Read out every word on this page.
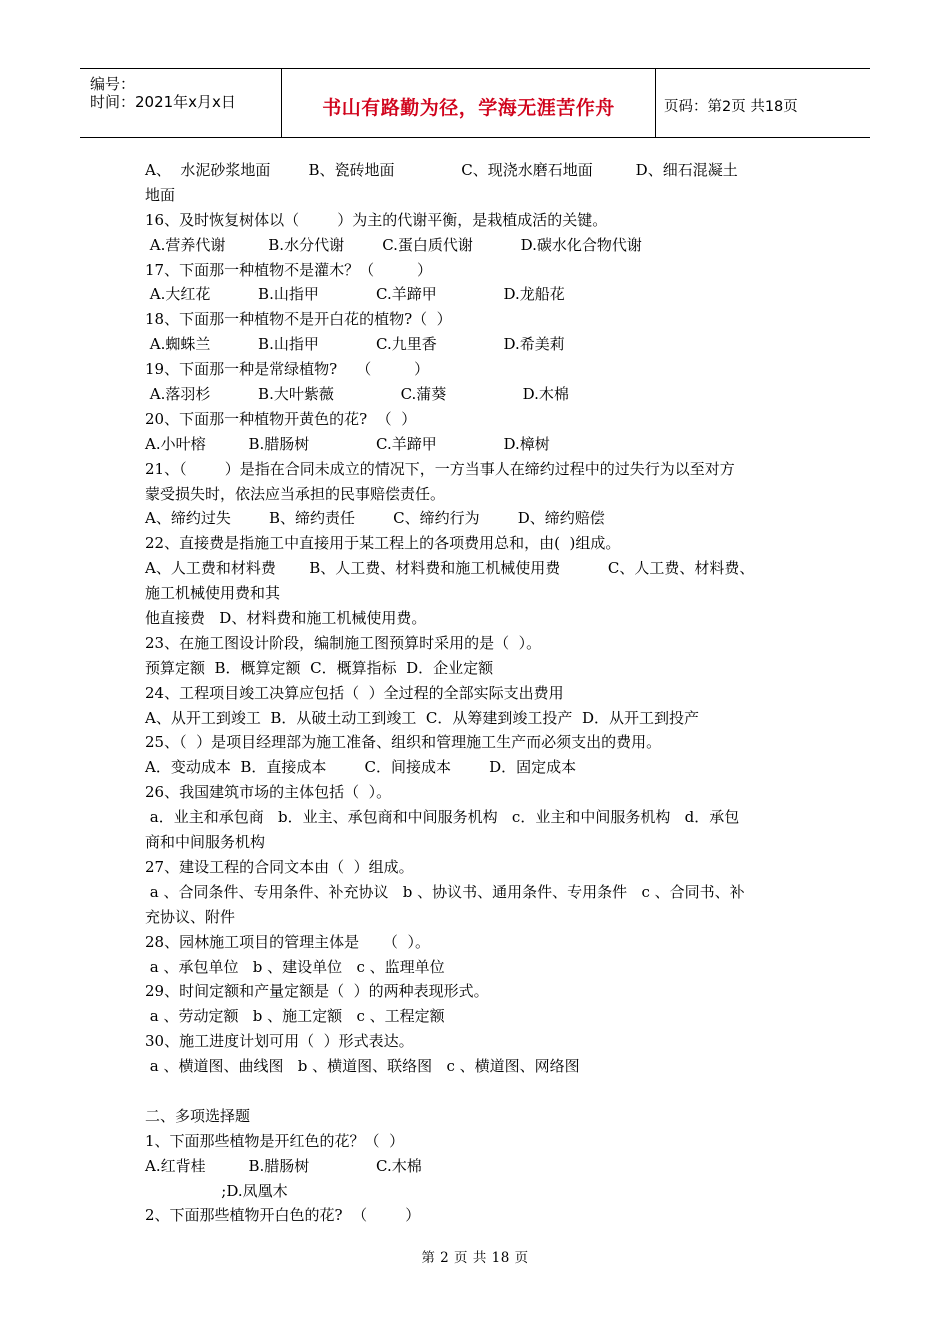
编号：
时间：2021年x月x日	书山有路勤为径，学海无涯苦作舟	页码：第2页 共18页
A、  水泥砂浆地面        B、瓷砖地面              C、现浇水磨石地面         D、细石混凝土
地面
16、及时恢复树体以（        ）为主的代谢平衡，是栽植成活的关键。
A.营养代谢         B.水分代谢        C.蛋白质代谢          D.碳水化合物代谢
17、下面那一种植物不是灌木？（         ）
A.大红花          B.山指甲            C.羊蹄甲              D.龙船花
18、下面那一种植物不是开白花的植物?（  ）
A.蜘蛛兰          B.山指甲            C.九里香              D.希美莉
19、下面那一种是常绿植物?    （         ）
A.落羽杉          B.大叶紫薇              C.蒲葵                D.木棉
20、下面那一种植物开黄色的花?  （  ）
A.小叶榕         B.腊肠树              C.羊蹄甲              D.樟树
21、（        ）是指在合同未成立的情况下，一方当事人在缔约过程中的过失行为以至对方
蒙受损失时，依法应当承担的民事赔偿责任。
A、缔约过失        B、缔约责任        C、缔约行为        D、缔约赔偿
22、直接费是指施工中直接用于某工程上的各项费用总和，由(  )组成。
A、人工费和材料费       B、人工费、材料费和施工机械使用费          C、人工费、材料费、
施工机械使用费和其
他直接费   D、材料费和施工机械使用费。
23、在施工图设计阶段，编制施工图预算时采用的是（  ）。
预算定额  B．概算定额  C．概算指标  D．企业定额
24、工程项目竣工决算应包括（  ）全过程的全部实际支出费用
A、从开工到竣工  B．从破土动工到竣工  C．从筹建到竣工投产  D．从开工到投产
25、（  ）是项目经理部为施工准备、组织和管理施工生产而必须支出的费用。
A．变动成本  B．直接成本        C．间接成本        D．固定成本
26、我国建筑市场的主体包括（  ）。
a．业主和承包商   b．业主、承包商和中间服务机构   c．业主和中间服务机构   d．承包
商和中间服务机构
27、建设工程的合同文本由（  ）组成。
a 、合同条件、专用条件、补充协议   b 、协议书、通用条件、专用条件   c 、合同书、补
充协议、附件
28、园林施工项目的管理主体是     （  ）。
a 、承包单位   b 、建设单位   c 、监理单位
29、时间定额和产量定额是（  ）的两种表现形式。
a 、劳动定额   b 、施工定额   c 、工程定额
30、施工进度计划可用（  ）形式表达。
a 、横道图、曲线图   b 、横道图、联络图   c 、横道图、网络图
二、多项选择题
1、下面那些植物是开红色的花？（  ）
A.红背桂         B.腊肠树              C.木棉
;D.凤凰木
2、下面那些植物开白色的花?  （        ）
第 2 页 共 18 页
